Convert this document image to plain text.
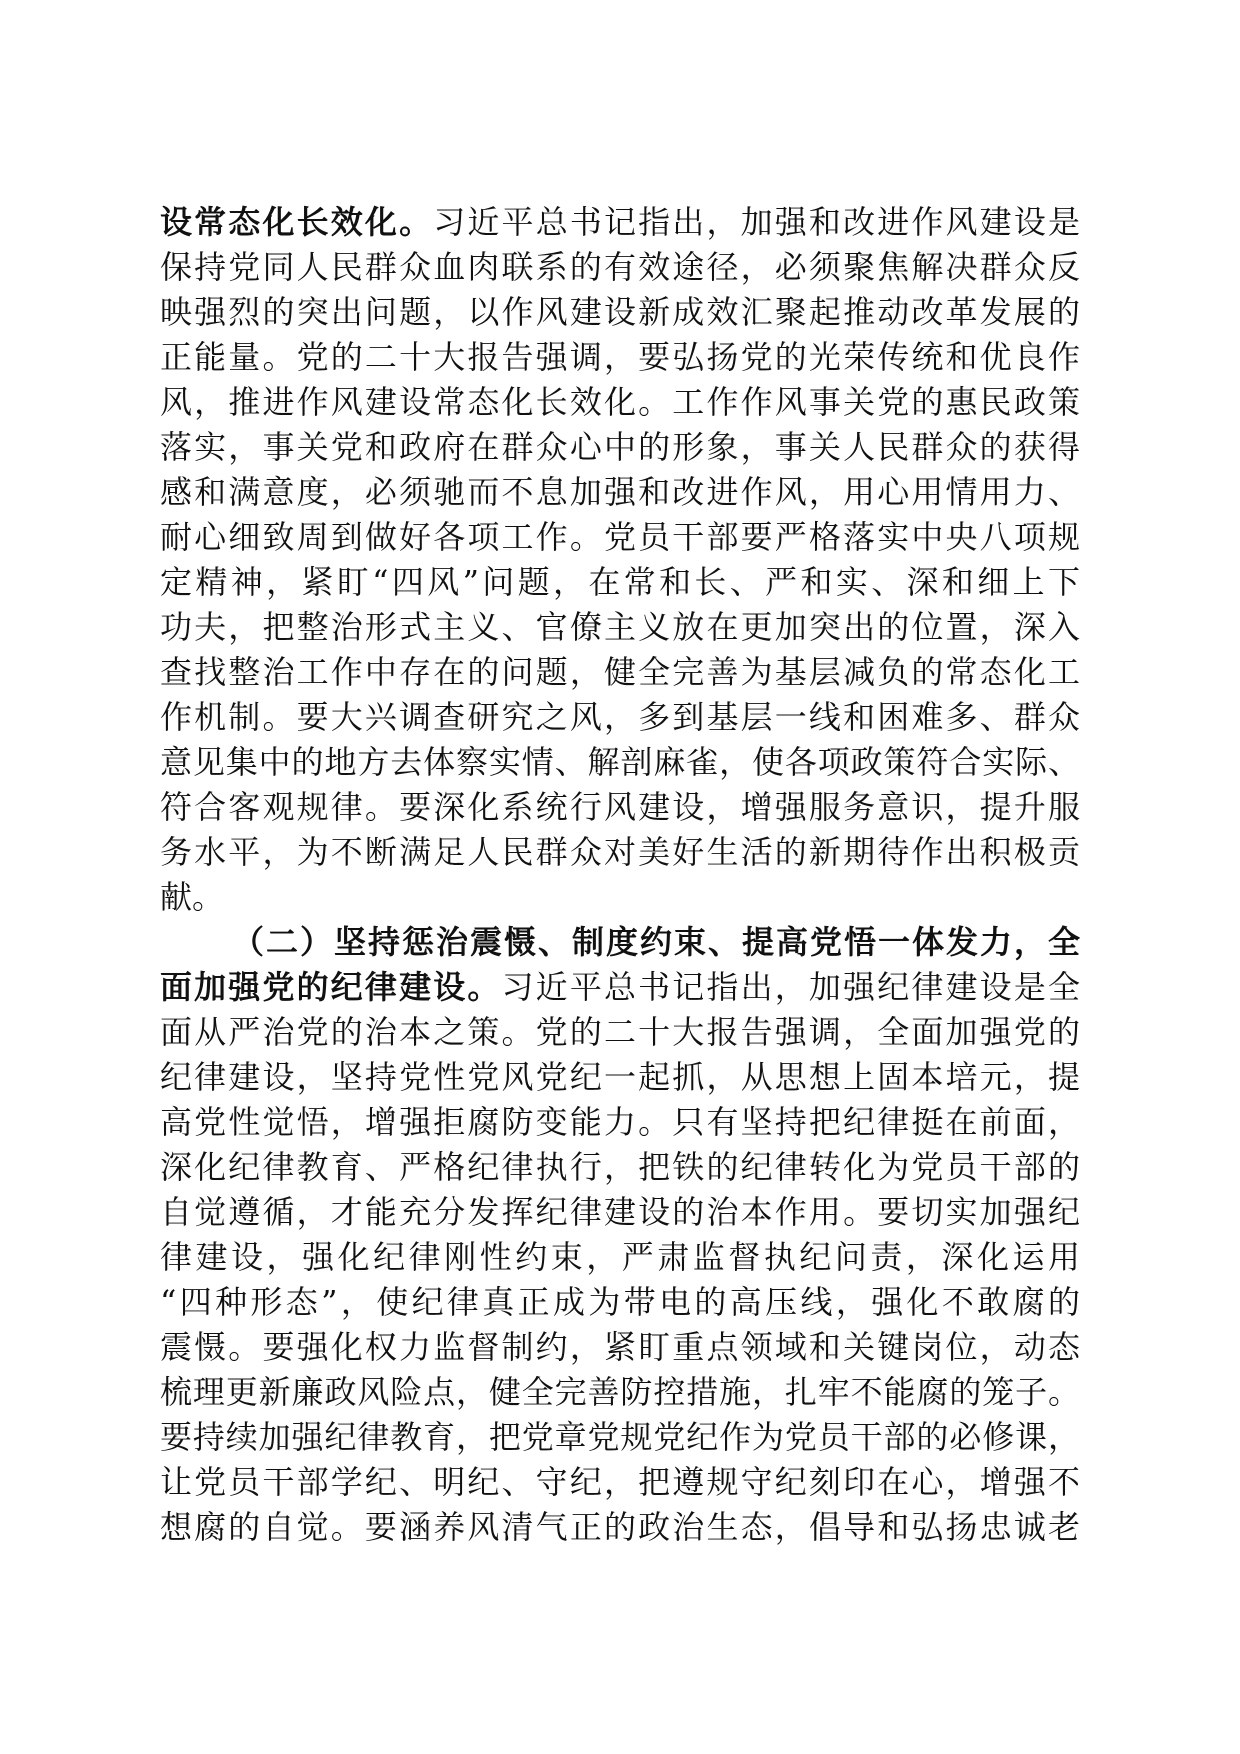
设常态化长效化。习近平总书记指出，加强和改进作风建设是
保持党同人民群众血肉联系的有效途径，必须聚焦解决群众反
映强烈的突出问题，以作风建设新成效汇聚起推动改革发展的
正能量。党的二十大报告强调，要弘扬党的光荣传统和优良作
风，推进作风建设常态化长效化。工作作风事关党的惠民政策
落实，事关党和政府在群众心中的形象，事关人民群众的获得
感和满意度，必须驰而不息加强和改进作风，用心用情用力、
耐心细致周到做好各项工作。党员干部要严格落实中央八项规
定精神，紧盯“四风”问题，在常和长、严和实、深和细上下
功夫，把整治形式主义、官僚主义放在更加突出的位置，深入
查找整治工作中存在的问题，健全完善为基层减负的常态化工
作机制。要大兴调查研究之风，多到基层一线和困难多、群众
意见集中的地方去体察实情、解剖麻雀，使各项政策符合实际、
符合客观规律。要深化系统行风建设，增强服务意识，提升服
务水平，为不断满足人民群众对美好生活的新期待作出积极贡
献。
（二）坚持惩治震慑、制度约束、提高党悟一体发力，全
面加强党的纪律建设。习近平总书记指出，加强纪律建设是全
面从严治党的治本之策。党的二十大报告强调，全面加强党的
纪律建设，坚持党性党风党纪一起抓，从思想上固本培元，提
高党性觉悟，增强拒腐防变能力。只有坚持把纪律挺在前面，
深化纪律教育、严格纪律执行，把铁的纪律转化为党员干部的
自觉遵循，才能充分发挥纪律建设的治本作用。要切实加强纪
律建设，强化纪律刚性约束，严肃监督执纪问责，深化运用
“四种形态”，使纪律真正成为带电的高压线，强化不敢腐的
震慑。要强化权力监督制约，紧盯重点领域和关键岗位，动态
梳理更新廉政风险点，健全完善防控措施，扎牢不能腐的笼子。
要持续加强纪律教育，把党章党规党纪作为党员干部的必修课，
让党员干部学纪、明纪、守纪，把遵规守纪刻印在心，增强不
想腐的自觉。要涵养风清气正的政治生态，倡导和弘扬忠诚老
